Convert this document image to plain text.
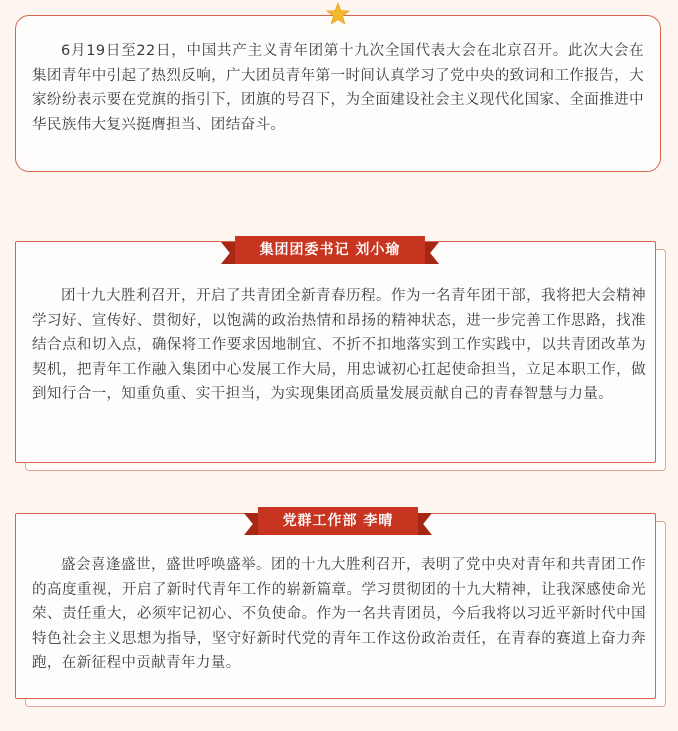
6月19日至22日，中国共产主义青年团第十九次全国代表大会在北京召开。此次大会在集团青年中引起了热烈反响，广大团员青年第一时间认真学习了党中央的致词和工作报告，大家纷纷表示要在党旗的指引下，团旗的号召下，为全面建设社会主义现代化国家、全面推进中华民族伟大复兴挺膺担当、团结奋斗。

集团团委书记 刘小瑜

团十九大胜利召开，开启了共青团全新青春历程。作为一名青年团干部，我将把大会精神学习好、宣传好、贯彻好，以饱满的政治热情和昂扬的精神状态，进一步完善工作思路，找准结合点和切入点，确保将工作要求因地制宜、不折不扣地落实到工作实践中，以共青团改革为契机，把青年工作融入集团中心发展工作大局，用忠诚初心扛起使命担当，立足本职工作，做到知行合一，知重负重、实干担当，为实现集团高质量发展贡献自己的青春智慧与力量。

党群工作部 李晴

盛会喜逢盛世，盛世呼唤盛举。团的十九大胜利召开，表明了党中央对青年和共青团工作的高度重视，开启了新时代青年工作的崭新篇章。学习贯彻团的十九大精神，让我深感使命光荣、责任重大，必须牢记初心、不负使命。作为一名共青团员，今后我将以习近平新时代中国特色社会主义思想为指导，坚守好新时代党的青年工作这份政治责任，在青春的赛道上奋力奔跑，在新征程中贡献青年力量。
